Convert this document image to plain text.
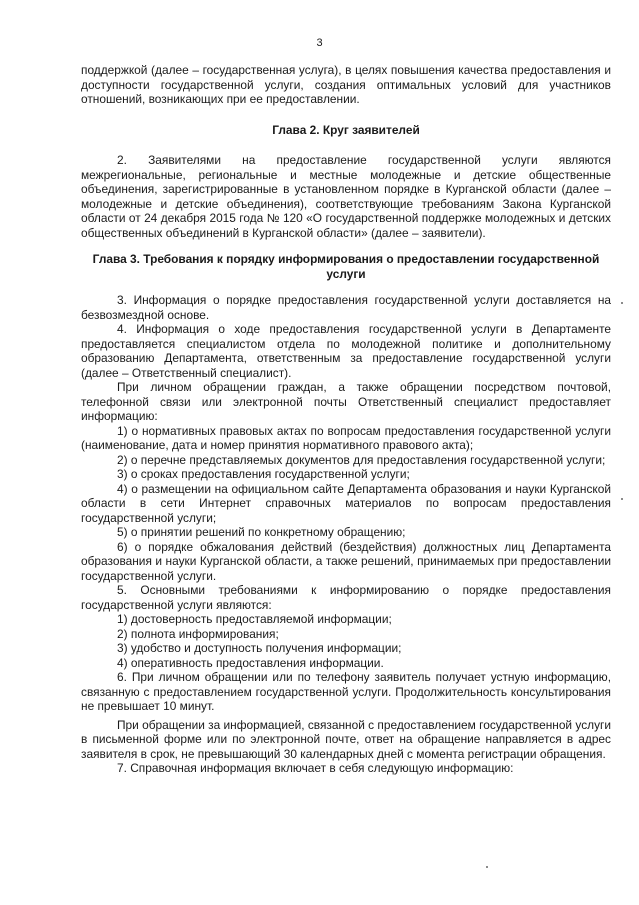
3

поддержкой (далее – государственная услуга), в целях повышения качества предоставления и доступности государственной услуги, создания оптимальных условий для участников отношений, возникающих при ее предоставлении.

Глава 2. Круг заявителей

2. Заявителями на предоставление государственной услуги являются межрегиональные, региональные и местные молодежные и детские общественные объединения, зарегистрированные в установленном порядке в Курганской области (далее – молодежные и детские объединения), соответствующие требованиям Закона Курганской области от 24 декабря 2015 года № 120 «О государственной поддержке молодежных и детских общественных объединений в Курганской области» (далее – заявители).

Глава 3. Требования к порядку информирования о предоставлении государственной услуги

3. Информация о порядке предоставления государственной услуги доставляется на безвозмездной основе.

4. Информация о ходе предоставления государственной услуги в Департаменте предоставляется специалистом отдела по молодежной политике и дополнительному образованию Департамента, ответственным за предоставление государственной услуги (далее – Ответственный специалист).

При личном обращении граждан, а также обращении посредством почтовой, телефонной связи или электронной почты Ответственный специалист предоставляет информацию:

1) о нормативных правовых актах по вопросам предоставления государственной услуги (наименование, дата и номер принятия нормативного правового акта);

2) о перечне представляемых документов для предоставления государственной услуги;

3) о сроках предоставления государственной услуги;

4) о размещении на официальном сайте Департамента образования и науки Курганской области в сети Интернет справочных материалов по вопросам предоставления государственной услуги;

5) о принятии решений по конкретному обращению;

6) о порядке обжалования действий (бездействия) должностных лиц Департамента образования и науки Курганской области, а также решений, принимаемых при предоставлении государственной услуги.

5. Основными требованиями к информированию о порядке предоставления государственной услуги являются:

1) достоверность предоставляемой информации;

2) полнота информирования;

3) удобство и доступность получения информации;

4) оперативность предоставления информации.

6. При личном обращении или по телефону заявитель получает устную информацию, связанную с предоставлением государственной услуги. Продолжительность консультирования не превышает 10 минут.

При обращении за информацией, связанной с предоставлением государственной услуги в письменной форме или по электронной почте, ответ на обращение направляется в адрес заявителя в срок, не превышающий 30 календарных дней с момента регистрации обращения.

7. Справочная информация включает в себя следующую информацию:
